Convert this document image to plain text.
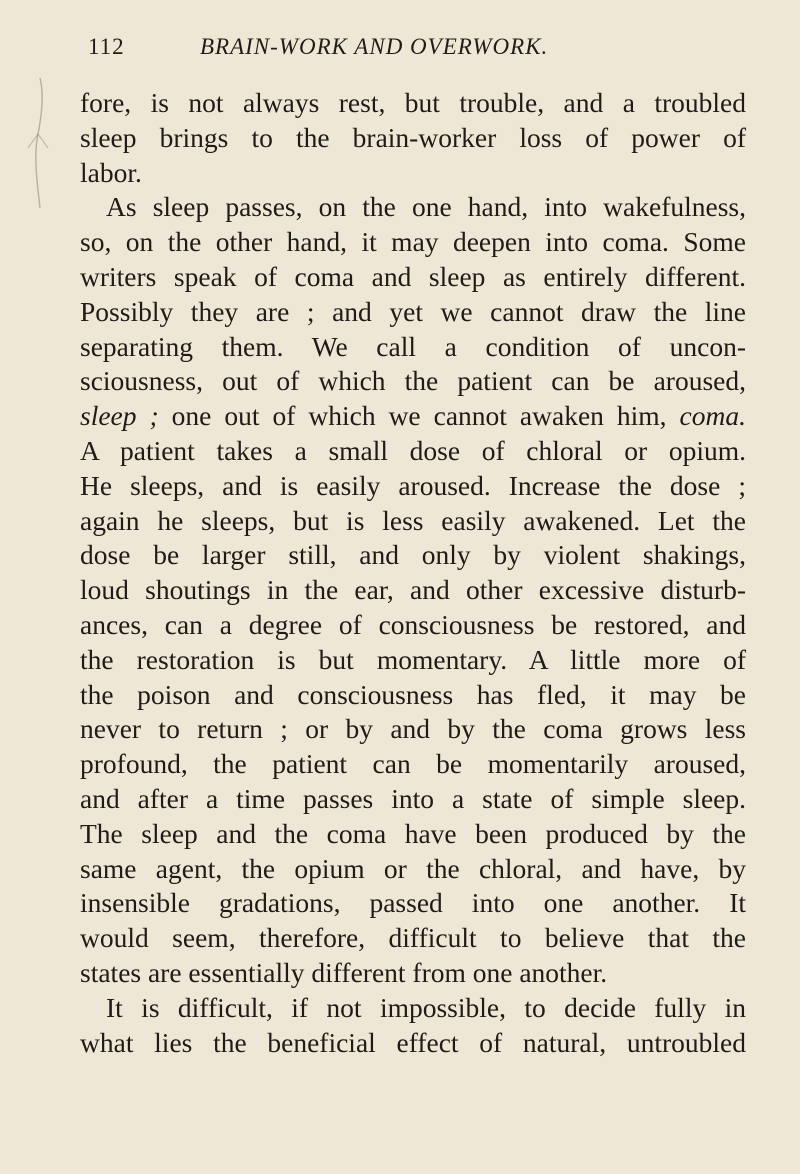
112	BRAIN-WORK AND OVERWORK.
fore, is not always rest, but trouble, and a troubled
sleep brings to the brain-worker loss of power of
labor.
As sleep passes, on the one hand, into wakefulness,
so, on the other hand, it may deepen into coma. Some
writers speak of coma and sleep as entirely different.
Possibly they are ; and yet we cannot draw the line
separating them. We call a condition of uncon-
sciousness, out of which the patient can be aroused,
sleep ; one out of which we cannot awaken him, coma.
A patient takes a small dose of chloral or opium.
He sleeps, and is easily aroused. Increase the dose ;
again he sleeps, but is less easily awakened. Let the
dose be larger still, and only by violent shakings,
loud shoutings in the ear, and other excessive disturb-
ances, can a degree of consciousness be restored, and
the restoration is but momentary. A little more of
the poison and consciousness has fled, it may be
never to return ; or by and by the coma grows less
profound, the patient can be momentarily aroused,
and after a time passes into a state of simple sleep.
The sleep and the coma have been produced by the
same agent, the opium or the chloral, and have, by
insensible gradations, passed into one another. It
would seem, therefore, difficult to believe that the
states are essentially different from one another.
It is difficult, if not impossible, to decide fully in
what lies the beneficial effect of natural, untroubled
